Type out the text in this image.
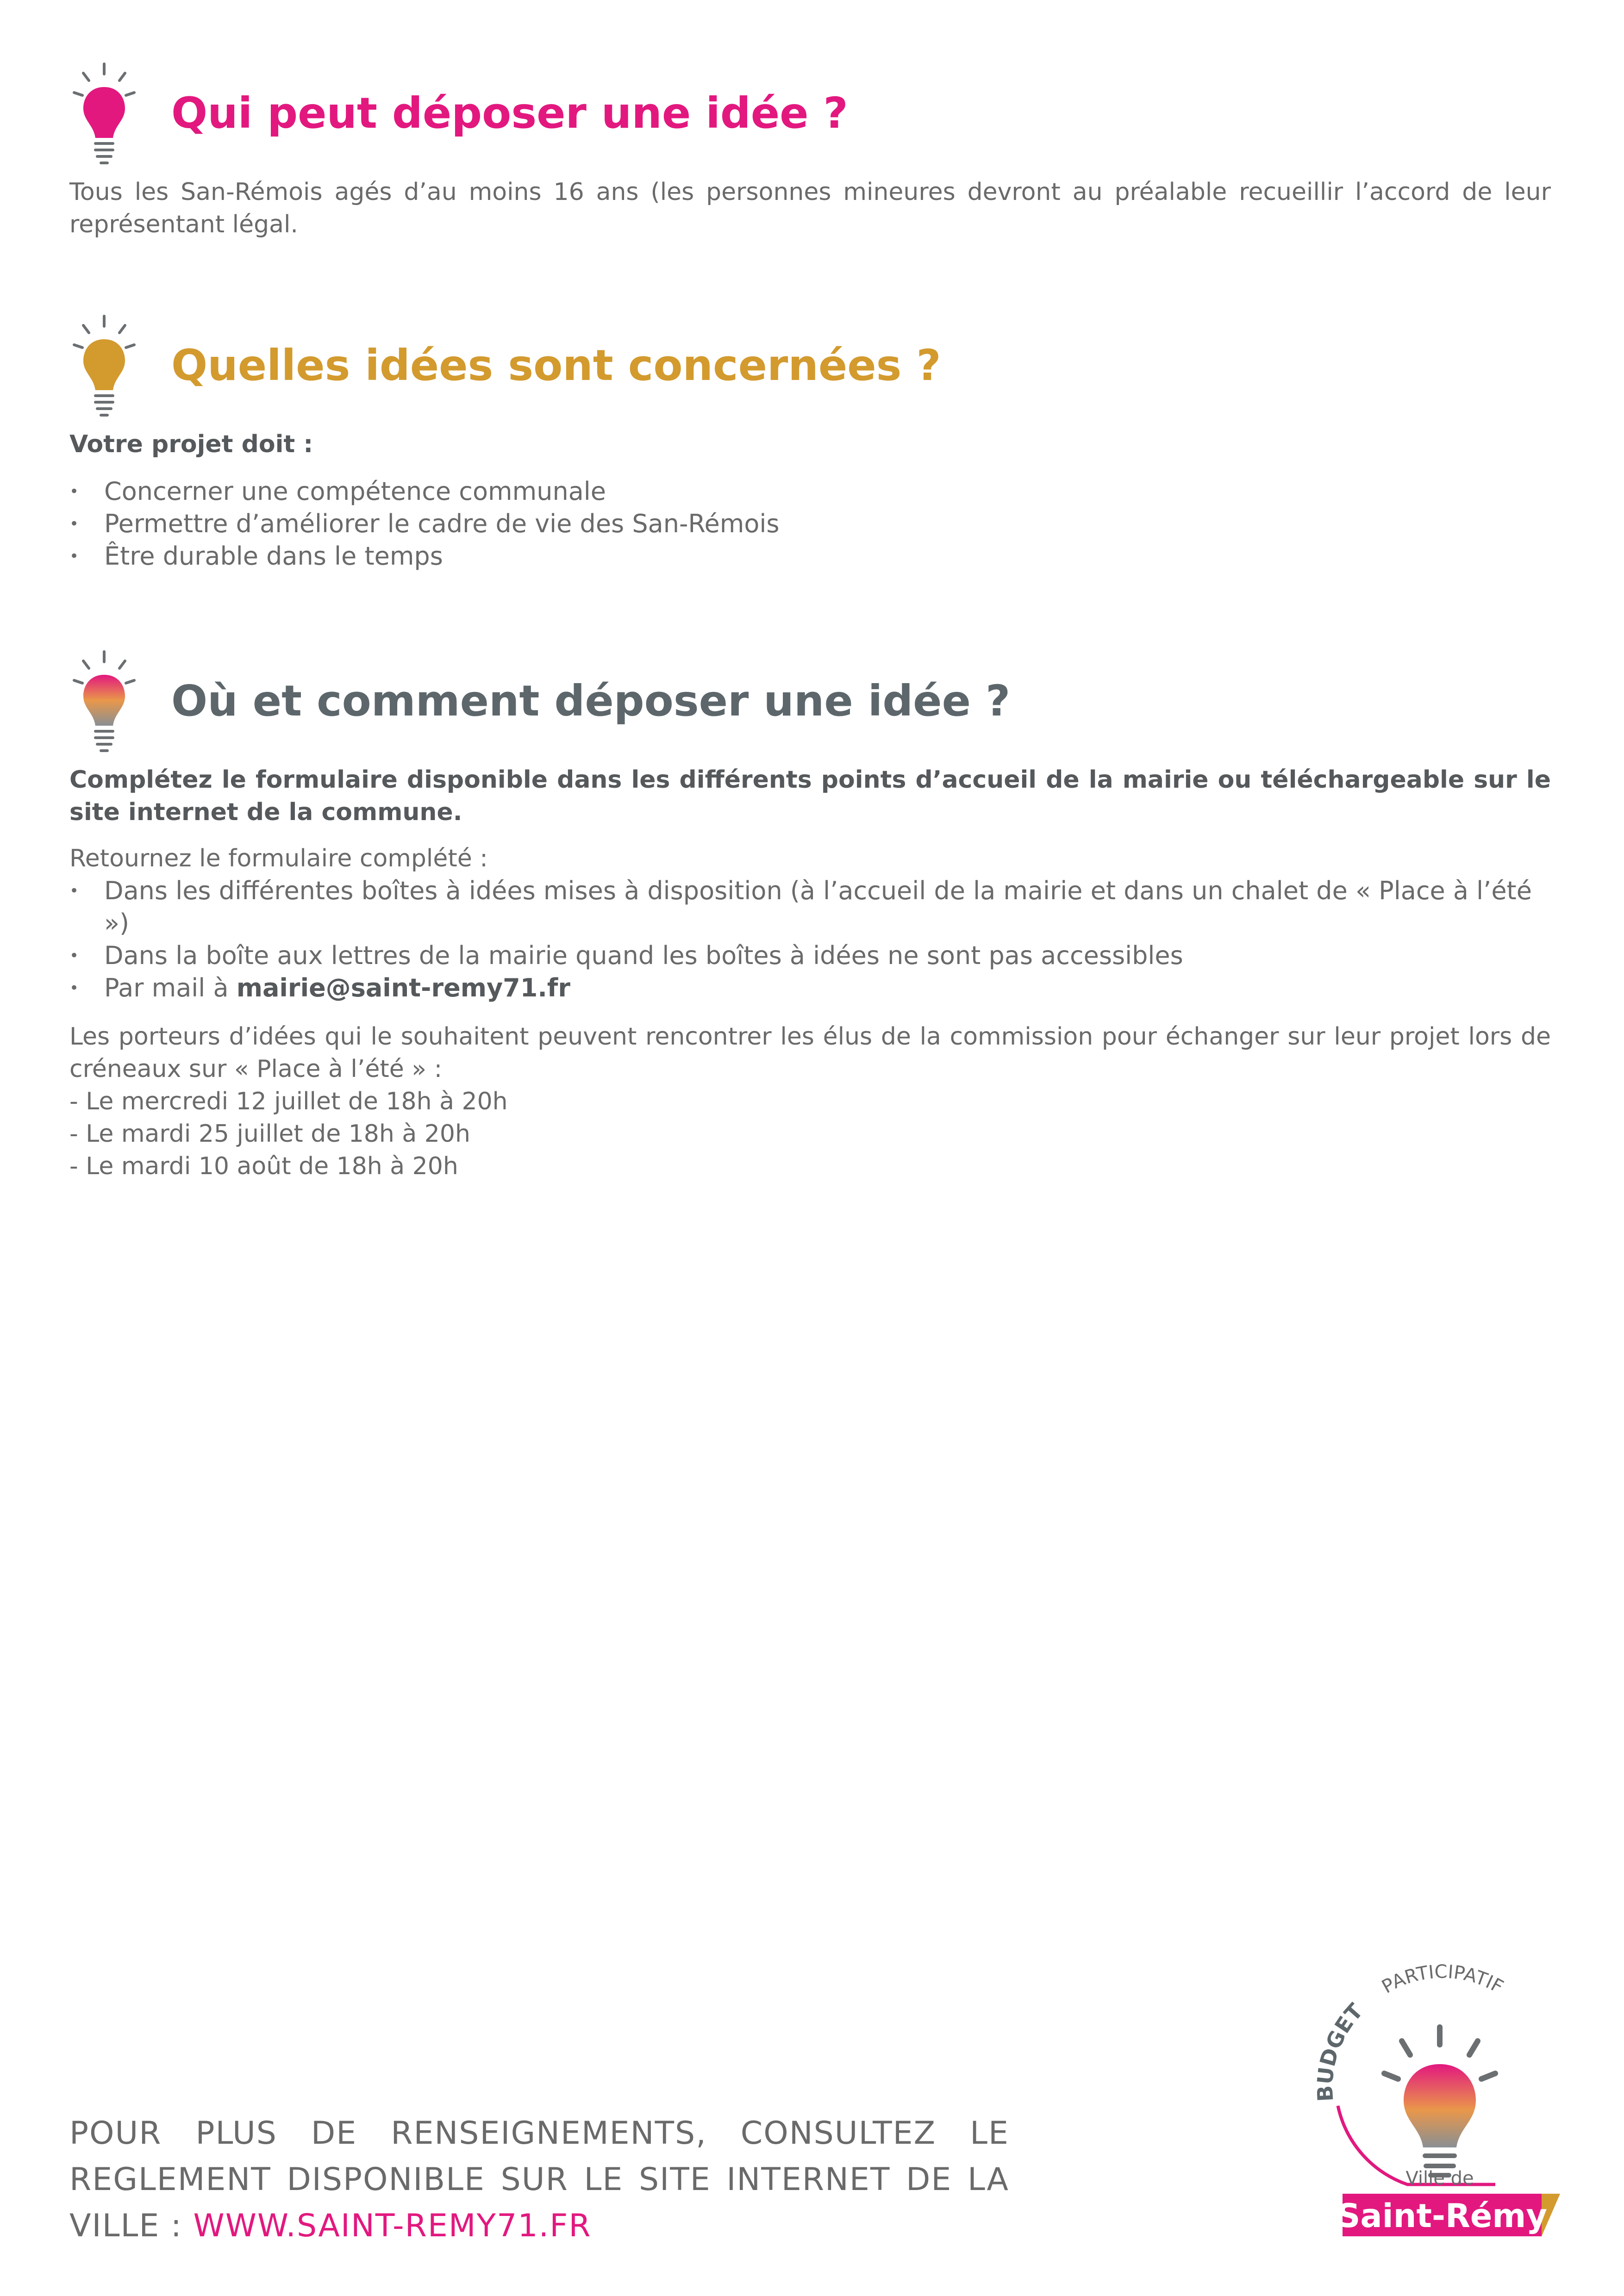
Qui peut déposer une idée ?

Tous les San-Rémois agés d’au moins 16 ans (les personnes mineures devront au préalable recueillir l’accord de leur représentant légal.

Quelles idées sont concernées ?

Votre projet doit :

• Concerner une compétence communale
• Permettre d’améliorer le cadre de vie des San-Rémois
• Être durable dans le temps
Où et comment déposer une idée ?

Complétez le formulaire disponible dans les différents points d’accueil de la mairie ou téléchargeable sur le site internet de la commune.

Retournez le formulaire complété :

• Dans les différentes boîtes à idées mises à disposition (à l’accueil de la mairie et dans un chalet de « Place à l’été »)
• Dans la boîte aux lettres de la mairie quand les boîtes à idées ne sont pas accessibles
• Par mail à mairie@saint-remy71.fr

Les porteurs d’idées qui le souhaitent peuvent rencontrer les élus de la commission pour échanger sur leur projet lors de créneaux sur « Place à l’été » :

- Le mercredi 12 juillet de 18h à 20h
- Le mardi 25 juillet de 18h à 20h
- Le mardi 10 août de 18h à 20h
POUR PLUS DE RENSEIGNEMENTS, CONSULTEZ LE REGLEMENT DISPONIBLE SUR LE SITE INTERNET DE LA VILLE : WWW.SAINT-REMY71.FR
BUDGET
PARTICIPATIF
Ville de
Saint-Rémy
